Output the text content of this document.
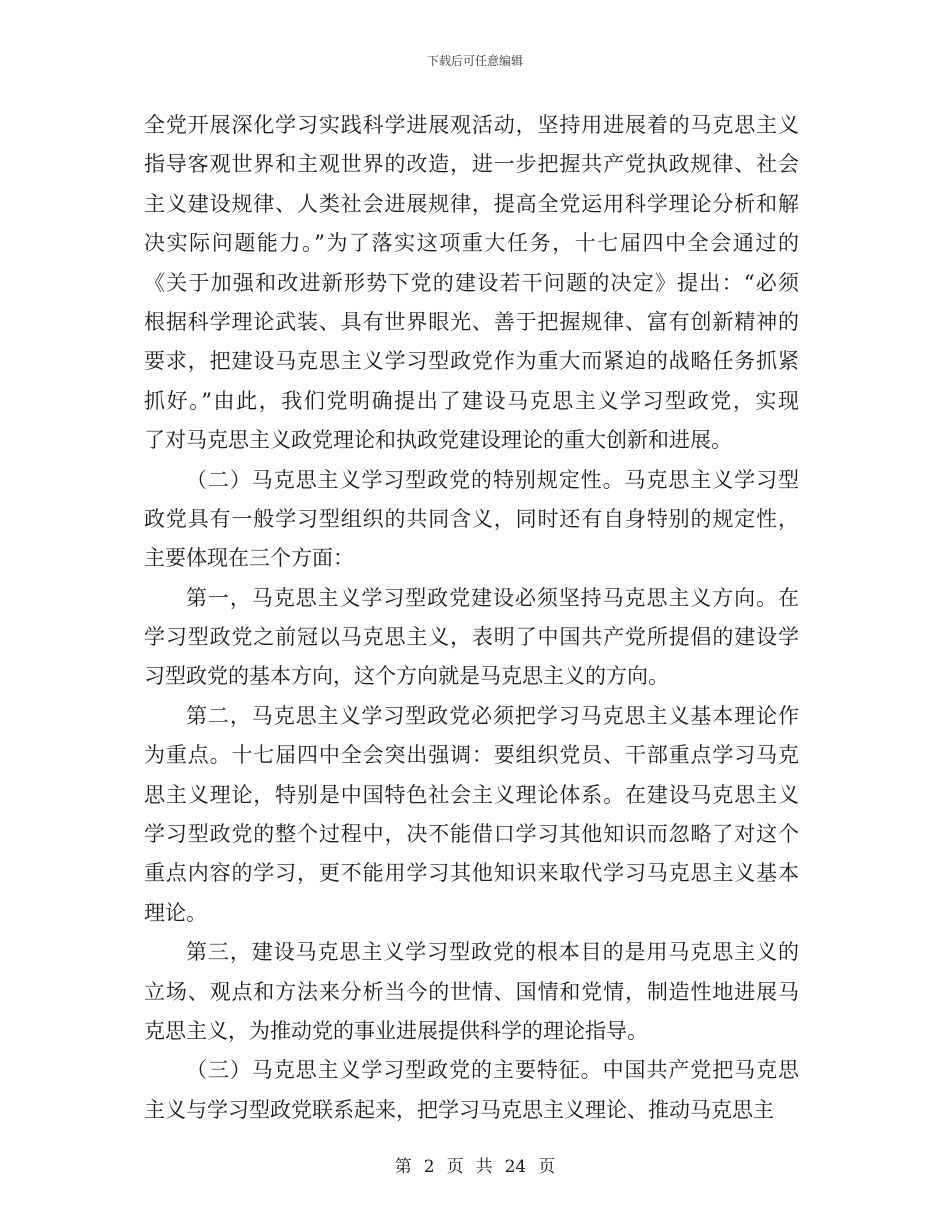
下载后可任意编辑
全党开展深化学习实践科学进展观活动，坚持用进展着的马克思主义
指导客观世界和主观世界的改造，进一步把握共产党执政规律、社会
主义建设规律、人类社会进展规律，提高全党运用科学理论分析和解
决实际问题能力。”为了落实这项重大任务，十七届四中全会通过的
《关于加强和改进新形势下党的建设若干问题的决定》提出：“必须
根据科学理论武装、具有世界眼光、善于把握规律、富有创新精神的
要求，把建设马克思主义学习型政党作为重大而紧迫的战略任务抓紧
抓好。”由此，我们党明确提出了建设马克思主义学习型政党，实现
了对马克思主义政党理论和执政党建设理论的重大创新和进展。
（二）马克思主义学习型政党的特别规定性。马克思主义学习型
政党具有一般学习型组织的共同含义，同时还有自身特别的规定性，
主要体现在三个方面：
第一，马克思主义学习型政党建设必须坚持马克思主义方向。在
学习型政党之前冠以马克思主义，表明了中国共产党所提倡的建设学
习型政党的基本方向，这个方向就是马克思主义的方向。
第二，马克思主义学习型政党必须把学习马克思主义基本理论作
为重点。十七届四中全会突出强调：要组织党员、干部重点学习马克
思主义理论，特别是中国特色社会主义理论体系。在建设马克思主义
学习型政党的整个过程中，决不能借口学习其他知识而忽略了对这个
重点内容的学习，更不能用学习其他知识来取代学习马克思主义基本
理论。
第三，建设马克思主义学习型政党的根本目的是用马克思主义的
立场、观点和方法来分析当今的世情、国情和党情，制造性地进展马
克思主义，为推动党的事业进展提供科学的理论指导。
（三）马克思主义学习型政党的主要特征。中国共产党把马克思
主义与学习型政党联系起来，把学习马克思主义理论、推动马克思主
第 2 页 共 24 页
